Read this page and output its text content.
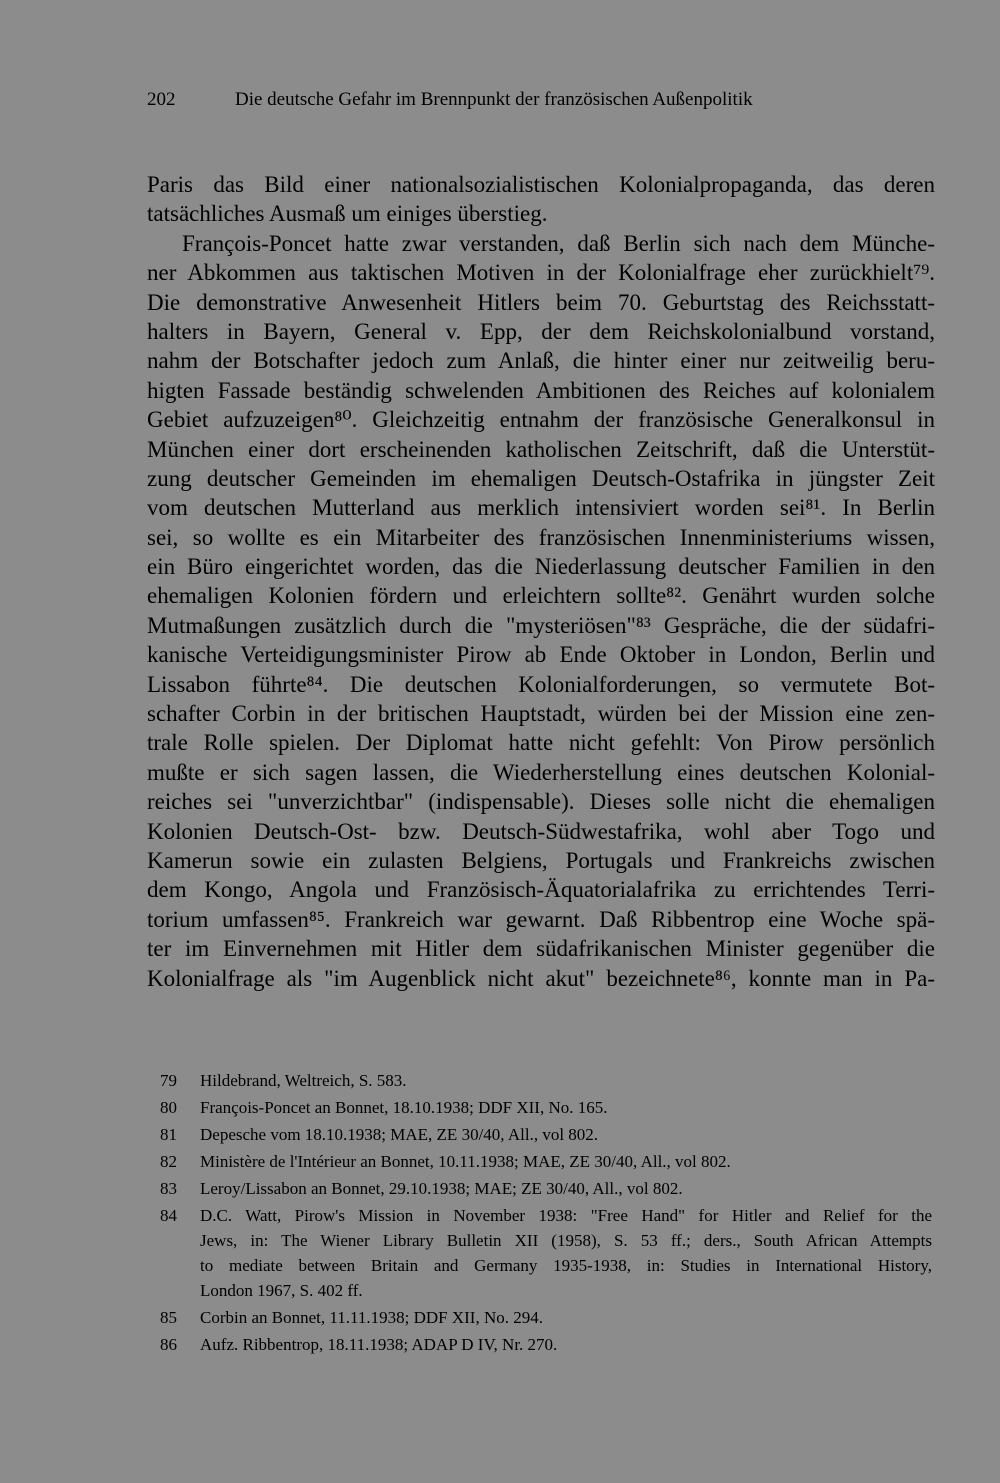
202	Die deutsche Gefahr im Brennpunkt der französischen Außenpolitik
Paris das Bild einer nationalsozialistischen Kolonialpropaganda, das deren
tatsächliches Ausmaß um einiges überstieg.
François-Poncet hatte zwar verstanden, daß Berlin sich nach dem Münche-
ner Abkommen aus taktischen Motiven in der Kolonialfrage eher zurückhielt⁷⁹.
Die demonstrative Anwesenheit Hitlers beim 70. Geburtstag des Reichsstatt-
halters in Bayern, General v. Epp, der dem Reichskolonialbund vorstand,
nahm der Botschafter jedoch zum Anlaß, die hinter einer nur zeitweilig beru-
higten Fassade beständig schwelenden Ambitionen des Reiches auf kolonialem
Gebiet aufzuzeigen⁸⁰. Gleichzeitig entnahm der französische Generalkonsul in
München einer dort erscheinenden katholischen Zeitschrift, daß die Unterstüt-
zung deutscher Gemeinden im ehemaligen Deutsch-Ostafrika in jüngster Zeit
vom deutschen Mutterland aus merklich intensiviert worden sei⁸¹. In Berlin
sei, so wollte es ein Mitarbeiter des französischen Innenministeriums wissen,
ein Büro eingerichtet worden, das die Niederlassung deutscher Familien in den
ehemaligen Kolonien fördern und erleichtern sollte⁸². Genährt wurden solche
Mutmaßungen zusätzlich durch die "mysteriösen"⁸³ Gespräche, die der südafri-
kanische Verteidigungsminister Pirow ab Ende Oktober in London, Berlin und
Lissabon führte⁸⁴. Die deutschen Kolonialforderungen, so vermutete Bot-
schafter Corbin in der britischen Hauptstadt, würden bei der Mission eine zen-
trale Rolle spielen. Der Diplomat hatte nicht gefehlt: Von Pirow persönlich
mußte er sich sagen lassen, die Wiederherstellung eines deutschen Kolonial-
reiches sei "unverzichtbar" (indispensable). Dieses solle nicht die ehemaligen
Kolonien Deutsch-Ost- bzw. Deutsch-Südwestafrika, wohl aber Togo und
Kamerun sowie ein zulasten Belgiens, Portugals und Frankreichs zwischen
dem Kongo, Angola und Französisch-Äquatorialafrika zu errichtendes Terri-
torium umfassen⁸⁵. Frankreich war gewarnt. Daß Ribbentrop eine Woche spä-
ter im Einvernehmen mit Hitler dem südafrikanischen Minister gegenüber die
Kolonialfrage als "im Augenblick nicht akut" bezeichnete⁸⁶, konnte man in Pa-
79	Hildebrand, Weltreich, S. 583.
80	François-Poncet an Bonnet, 18.10.1938; DDF XII, No. 165.
81	Depesche vom 18.10.1938; MAE, ZE 30/40, All., vol 802.
82	Ministère de l'Intérieur an Bonnet, 10.11.1938; MAE, ZE 30/40, All., vol 802.
83	Leroy/Lissabon an Bonnet, 29.10.1938; MAE; ZE 30/40, All., vol 802.
84	D.C. Watt, Pirow's Mission in November 1938: "Free Hand" for Hitler and Relief for the
Jews, in: The Wiener Library Bulletin XII (1958), S. 53 ff.; ders., South African Attempts
to mediate between Britain and Germany 1935-1938, in: Studies in International History,
London 1967, S. 402 ff.
85	Corbin an Bonnet, 11.11.1938; DDF XII, No. 294.
86	Aufz. Ribbentrop, 18.11.1938; ADAP D IV, Nr. 270.
